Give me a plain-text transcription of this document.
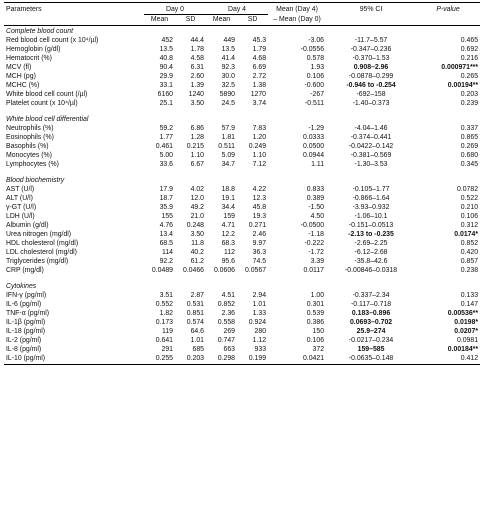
Parameters	Day 0		Day 4		Mean (Day 4)	95% CI	P-value
	Mean	SD	Mean	SD	– Mean (Day 0)		
Complete blood count							
Red blood cell count (x 10⁴/µl)	452	44.4	449	45.3	-3.06	-11.7–5.57	0.465
Hemoglobin (g/dl)	13.5	1.78	13.5	1.79	-0.0556	-0.347–0.236	0.692
Hematocrit (%)	40.8	4.58	41.4	4.68	0.578	-0.370–1.53	0.216
MCV (fl)	90.4	6.31	92.3	6.69	1.93	0.908–2.96	0.000971***
MCH (pg)	29.9	2.60	30.0	2.72	0.106	-0.0878–0.299	0.265
MCHC (%)	33.1	1.39	32.5	1.38	-0.600	-0.946 to -0.254	0.00194**
White blood cell count (/µl)	6160	1240	5890	1270	-267	-692–158	0.203
Platelet count (x 10⁴/µl)	25.1	3.50	24.5	3.74	-0.511	-1.40–0.373	0.239

White blood cell differential							
Neutrophils (%)	59.2	6.86	57.9	7.83	-1.29	-4.04–1.46	0.337
Eosinophils (%)	1.77	1.28	1.81	1.20	0.0333	-0.374–0.441	0.865
Basophils (%)	0.461	0.215	0.511	0.249	0.0500	-0.0422–0.142	0.269
Monocytes (%)	5.00	1.10	5.09	1.10	0.0944	-0.381–0.569	0.680
Lymphocytes (%)	33.6	6.67	34.7	7.12	1.11	-1.30–3.53	0.345

Blood biochemistry							
AST (U/l)	17.9	4.02	18.8	4.22	0.833	-0.105–1.77	0.0782
ALT (U/l)	18.7	12.0	19.1	12.3	0.389	-0.866–1.64	0.522
γ-GT (U/l)	35.9	49.2	34.4	45.8	-1.50	-3.93–0.932	0.210
LDH (U/l)	155	21.0	159	19.3	4.50	-1.06–10.1	0.106
Albumin (g/dl)	4.76	0.248	4.71	0.271	-0.0500	-0.151–0.0513	0.312
Urea nitrogen (mg/dl)	13.4	3.50	12.2	2.46	-1.18	-2.13 to -0.235	0.0174*
HDL cholesterol (mg/dl)	68.5	11.8	68.3	9.97	-0.222	-2.69–2.25	0.852
LDL cholesterol (mg/dl)	114	40.2	112	36.3	-1.72	-6.12–2.68	0.420
Triglycerides (mg/dl)	92.2	61.2	95.6	74.5	3.39	-35.8–42.6	0.857
CRP (mg/dl)	0.0489	0.0466	0.0606	0.0567	0.0117	-0.00846–0.0318	0.238

Cytokines							
IFN-γ (pg/ml)	3.51	2.87	4.51	2.94	1.00	-0.337–2.34	0.133
IL-6 (pg/ml)	0.552	0.531	0.852	1.01	0.301	-0.117–0.718	0.147
TNF-α (pg/ml)	1.82	0.851	2.36	1.33	0.539	0.183–0.896	0.00536**
IL-1β (pg/ml)	0.173	0.574	0.558	0.924	0.386	0.0693–0.702	0.0198*
IL-18 (pg/ml)	119	64.6	269	280	150	25.9–274	0.0207*
IL-2 (pg/ml)	0.641	1.01	0.747	1.12	0.106	-0.0217–0.234	0.0981
IL-8 (pg/ml)	291	685	663	933	372	159–585	0.00184**
IL-10 (pg/ml)	0.255	0.203	0.298	0.199	0.0421	-0.0635–0.148	0.412
